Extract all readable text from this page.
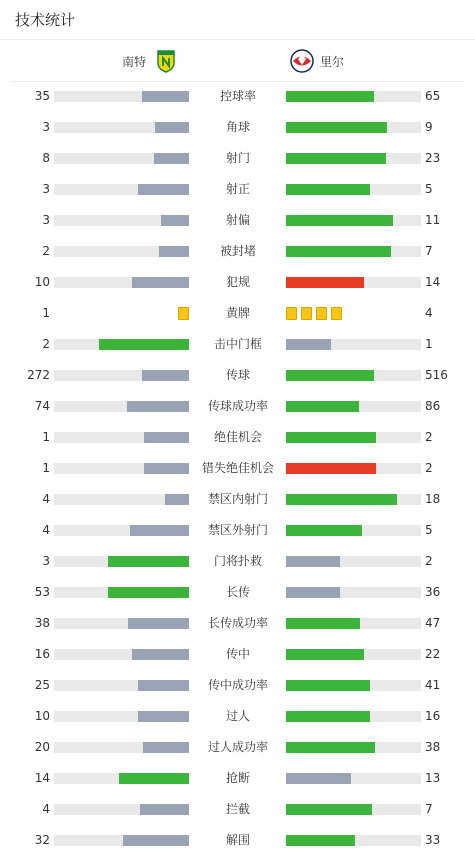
技术统计
南特	里尔
35	控球率	65
3	角球	9
8	射门	23
3	射正	5
3	射偏	11
2	被封堵	7
10	犯规	14
1	黄牌	4
2	击中门框	1
272	传球	516
74	传球成功率	86
1	绝佳机会	2
1	错失绝佳机会	2
4	禁区内射门	18
4	禁区外射门	5
3	门将扑救	2
53	长传	36
38	长传成功率	47
16	传中	22
25	传中成功率	41
10	过人	16
20	过人成功率	38
14	抢断	13
4	拦截	7
32	解围	33
